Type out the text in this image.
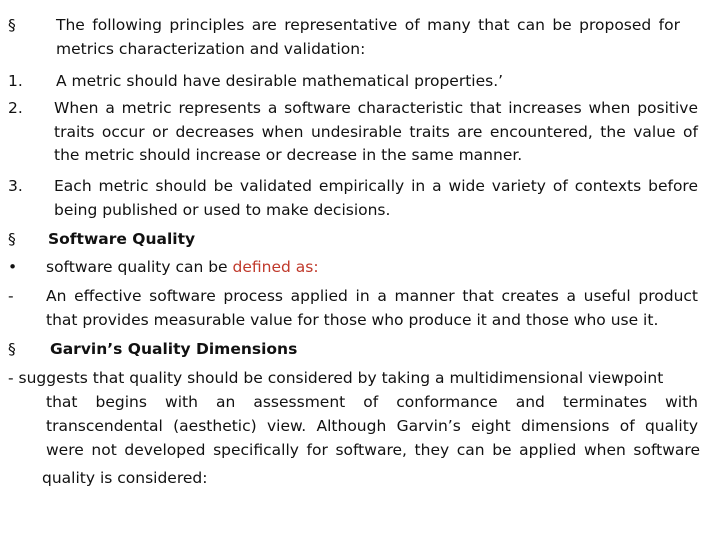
§	The following principles are representative of many that can be proposed for metrics characterization and validation:
1. A metric should have desirable mathematical properties.’
2. When a metric represents a software characteristic that increases when positive traits occur or decreases when undesirable traits are encountered, the value of the metric should increase or decrease in the same manner.
3. Each metric should be validated empirically in a wide variety of contexts before being published or used to make decisions.
§ Software Quality
• software quality can be defined as:
- An effective software process applied in a manner that creates a useful product that provides measurable value for those who produce it and those who use it.
§ Garvin’s Quality Dimensions
- suggests that quality should be considered by taking a multidimensional viewpoint
that begins with an assessment of conformance and terminates with
transcendental (aesthetic) view. Although Garvin’s eight dimensions of quality
were not developed specifically for software, they can be applied when software
quality is considered:
